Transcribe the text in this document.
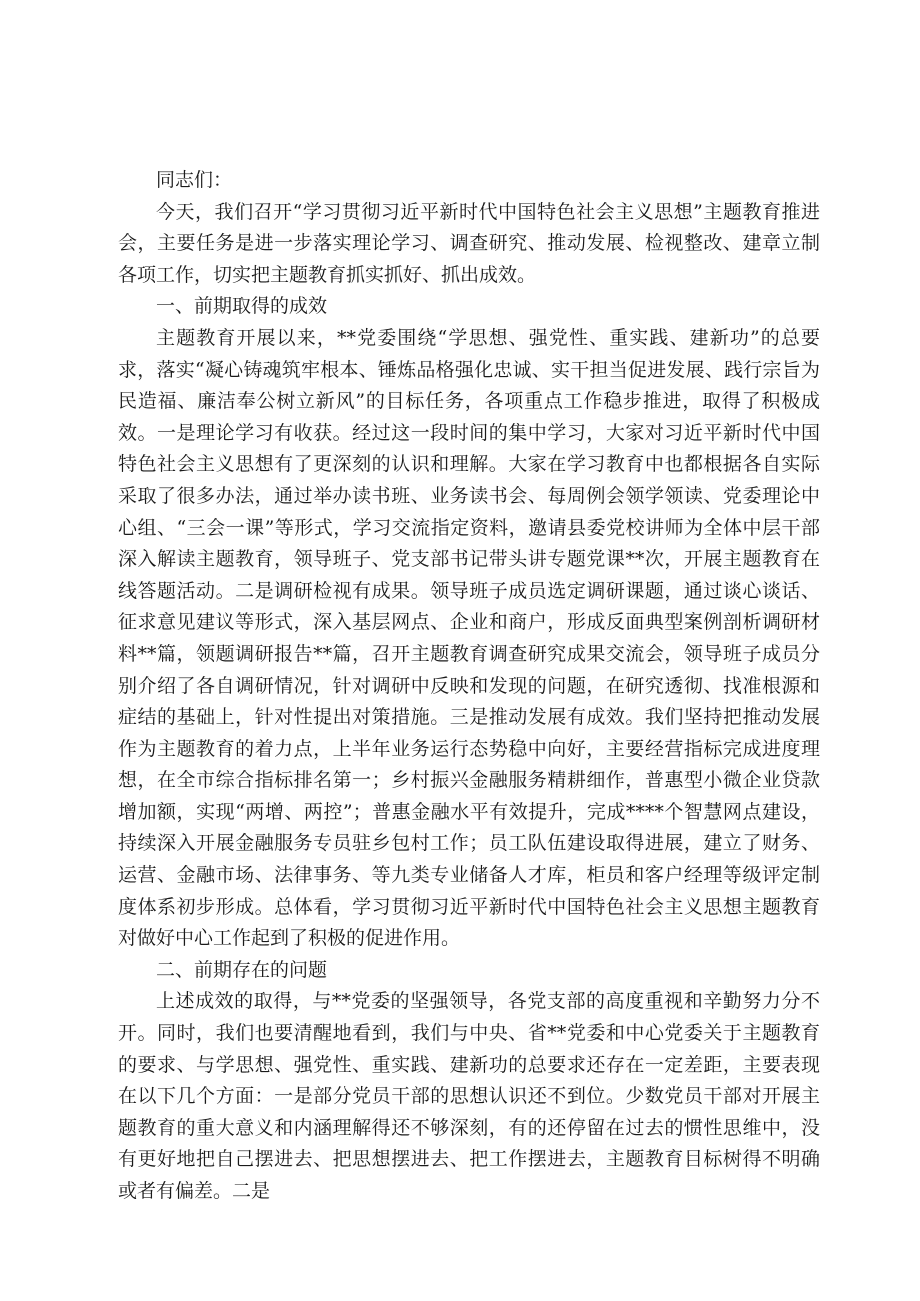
同志们：

今天，我们召开“学习贯彻习近平新时代中国特色社会主义思想”主题教育推进会，主要任务是进一步落实理论学习、调查研究、推动发展、检视整改、建章立制各项工作，切实把主题教育抓实抓好、抓出成效。

一、前期取得的成效

主题教育开展以来，**党委围绕“学思想、强党性、重实践、建新功”的总要求，落实“凝心铸魂筑牢根本、锤炼品格强化忠诚、实干担当促进发展、践行宗旨为民造福、廉洁奉公树立新风”的目标任务，各项重点工作稳步推进，取得了积极成效。一是理论学习有收获。经过这一段时间的集中学习，大家对习近平新时代中国特色社会主义思想有了更深刻的认识和理解。大家在学习教育中也都根据各自实际采取了很多办法，通过举办读书班、业务读书会、每周例会领学领读、党委理论中心组、“三会一课”等形式，学习交流指定资料，邀请县委党校讲师为全体中层干部深入解读主题教育，领导班子、党支部书记带头讲专题党课**次，开展主题教育在线答题活动。二是调研检视有成果。领导班子成员选定调研课题，通过谈心谈话、征求意见建议等形式，深入基层网点、企业和商户，形成反面典型案例剖析调研材料**篇，领题调研报告**篇，召开主题教育调查研究成果交流会，领导班子成员分别介绍了各自调研情况，针对调研中反映和发现的问题，在研究透彻、找准根源和症结的基础上，针对性提出对策措施。三是推动发展有成效。我们坚持把推动发展作为主题教育的着力点，上半年业务运行态势稳中向好，主要经营指标完成进度理想，在全市综合指标排名第一；乡村振兴金融服务精耕细作，普惠型小微企业贷款增加额，实现“两增、两控”；普惠金融水平有效提升，完成****个智慧网点建设，持续深入开展金融服务专员驻乡包村工作；员工队伍建设取得进展，建立了财务、运营、金融市场、法律事务、等九类专业储备人才库，柜员和客户经理等级评定制度体系初步形成。总体看，学习贯彻习近平新时代中国特色社会主义思想主题教育对做好中心工作起到了积极的促进作用。

二、前期存在的问题

上述成效的取得，与**党委的坚强领导，各党支部的高度重视和辛勤努力分不开。同时，我们也要清醒地看到，我们与中央、省**党委和中心党委关于主题教育的要求、与学思想、强党性、重实践、建新功的总要求还存在一定差距，主要表现在以下几个方面：一是部分党员干部的思想认识还不到位。少数党员干部对开展主题教育的重大意义和内涵理解得还不够深刻，有的还停留在过去的惯性思维中，没有更好地把自己摆进去、把思想摆进去、把工作摆进去，主题教育目标树得不明确或者有偏差。二是
